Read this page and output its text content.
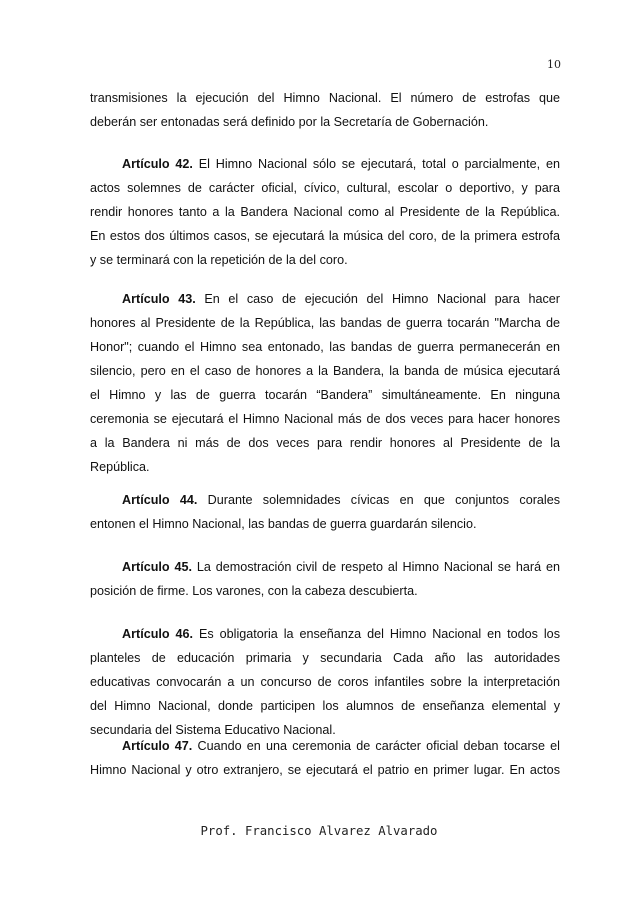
10
transmisiones la ejecución del Himno Nacional. El número de estrofas que
deberán ser entonadas será definido por la Secretaría de Gobernación.
Artículo 42. El Himno Nacional sólo se ejecutará, total o parcialmente, en
actos solemnes de carácter oficial, cívico, cultural, escolar o deportivo, y para
rendir honores tanto a la Bandera Nacional como al Presidente de la República.
En estos dos últimos casos, se ejecutará la música del coro, de la primera estrofa
y se terminará con la repetición de la del coro.
Artículo 43. En el caso de ejecución del Himno Nacional para hacer
honores al Presidente de la República, las bandas de guerra tocarán "Marcha de
Honor"; cuando el Himno sea entonado, las bandas de guerra permanecerán en
silencio, pero en el caso de honores a la Bandera, la banda de música ejecutará
el Himno y las de guerra tocarán “Bandera” simultáneamente. En ninguna
ceremonia se ejecutará el Himno Nacional más de dos veces para hacer honores
a la Bandera ni más de dos veces para rendir honores al Presidente de la
República.
Artículo 44. Durante solemnidades cívicas en que conjuntos corales
entonen el Himno Nacional, las bandas de guerra guardarán silencio.
Artículo 45. La demostración civil de respeto al Himno Nacional se hará en
posición de firme. Los varones, con la cabeza descubierta.
Artículo 46. Es obligatoria la enseñanza del Himno Nacional en todos los
planteles de educación primaria y secundaria Cada año las autoridades
educativas convocarán a un concurso de coros infantiles sobre la interpretación
del Himno Nacional, donde participen los alumnos de enseñanza elemental y
secundaria del Sistema Educativo Nacional.
Artículo 47. Cuando en una ceremonia de carácter oficial deban tocarse el
Himno Nacional y otro extranjero, se ejecutará el patrio en primer lugar. En actos
Prof. Francisco Alvarez Alvarado
